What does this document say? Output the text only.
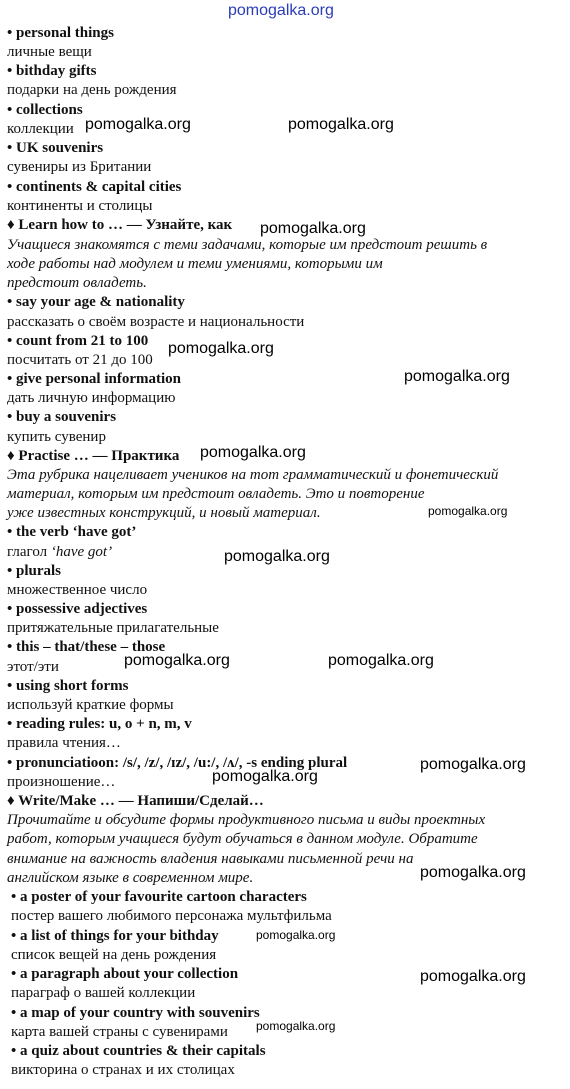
pomogalka.org
• personal things
личные вещи
• bithday gifts
подарки на день рождения
• collections
коллекции
• UK souvenirs
сувениры из Британии
• continents & capital cities
континенты и столицы
♦ Learn how to … — Узнайте, как
Учащиеся знакомятся с теми задачами, которые им предстоит решить в
ходе работы над модулем и теми умениями, которыми им
предстоит овладеть.
• say your age & nationality
рассказать о своём возрасте и национальности
• count from 21 to 100
посчитать от 21 до 100
• give personal information
дать личную информацию
• buy a souvenirs
купить сувенир
♦ Practise … — Практика
Эта рубрика нацеливает учеников на тот грамматический и фонетический
материал, которым им предстоит овладеть. Это и повторение
уже известных конструкций, и новый материал.
• the verb ‘have got’
глагол ‘have got’
• plurals
множественное число
• possessive adjectives
притяжательные прилагательные
• this – that/these – those
этот/эти
• using short forms
используй краткие формы
• reading rules: u, o + n, m, v
правила чтения…
• pronunciatioon: /s/, /z/, /ɪz/, /u:/, /ʌ/, -s ending plural
произношение…
♦ Write/Make … — Напиши/Сделай…
Прочитайте и обсудите формы продуктивного письма и виды проектных
работ, которым учащиеся будут обучаться в данном модуле. Обратите
внимание на важность владения навыками письменной речи на
английском языке в современном мире.
• a poster of your favourite cartoon characters
постер вашего любимого персонажа мультфильма
• a list of things for your bithday
список вещей на день рождения
• a paragraph about your collection
параграф о вашей коллекции
• a map of your country with souvenirs
карта вашей страны с сувенирами
• a quiz about countries & their capitals
викторина о странах и их столицах
pomogalka.org	pomogalka.org
pomogalka.org
pomogalka.org
pomogalka.org
pomogalka.org
pomogalka.org
pomogalka.org
pomogalka.org	pomogalka.org
pomogalka.org
pomogalka.org
pomogalka.org
pomogalka.org
pomogalka.org
pomogalka.org
